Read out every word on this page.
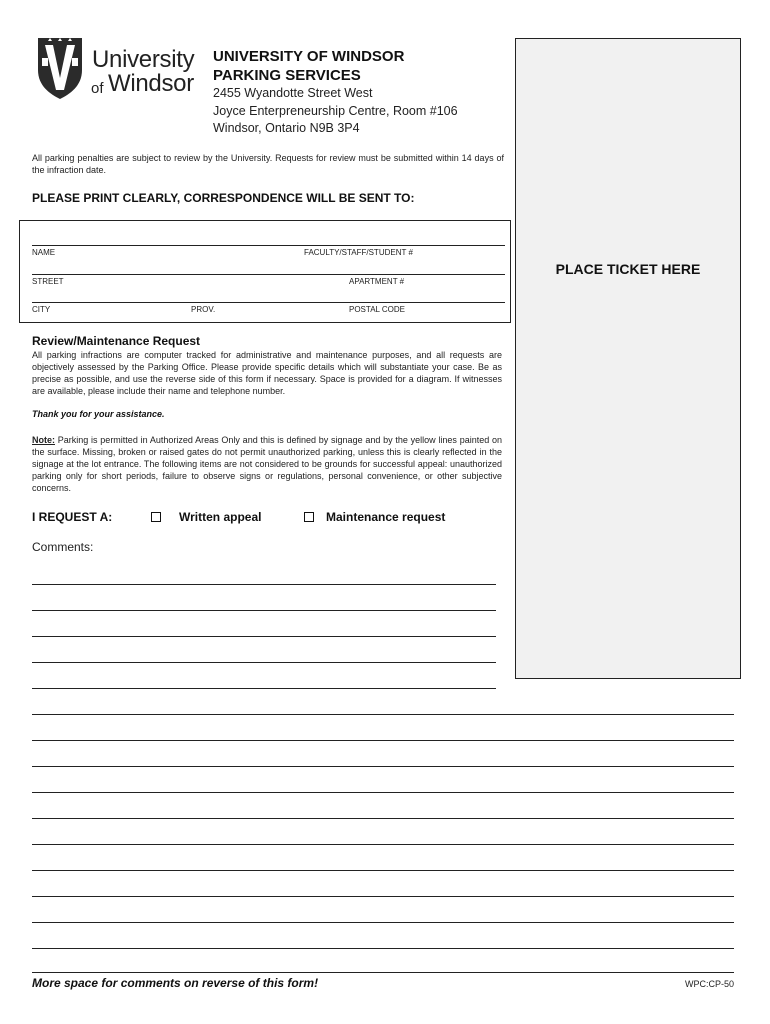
University
of Windsor
UNIVERSITY OF WINDSOR
PARKING SERVICES
2455 Wyandotte Street West
Joyce Enterpreneurship Centre, Room #106
Windsor, Ontario N9B 3P4
All parking penalties are subject to review by the University. Requests for review must be submitted within 14 days of the infraction date.
PLEASE PRINT CLEARLY, CORRESPONDENCE WILL BE SENT TO:
NAME	FACULTY/STAFF/STUDENT #
STREET	APARTMENT #
CITY	PROV.	POSTAL CODE
PLACE TICKET HERE
Review/Maintenance Request
All parking infractions are computer tracked for administrative and maintenance purposes, and all requests are objectively assessed by the Parking Office. Please provide specific details which will substantiate your case. Be as precise as possible, and use the reverse side of this form if necessary. Space is provided for a diagram. If witnesses are available, please include their name and telephone number.
Thank you for your assistance.
Note: Parking is permitted in Authorized Areas Only and this is defined by signage and by the yellow lines painted on the surface. Missing, broken or raised gates do not permit unauthorized parking, unless this is clearly reflected in the signage at the lot entrance. The following items are not considered to be grounds for successful appeal: unauthorized parking only for short periods, failure to observe signs or regulations, personal convenience, or other subjective concerns.
I REQUEST A:	Written appeal	Maintenance request
Comments:
More space for comments on reverse of this form!	WPC:CP-50
